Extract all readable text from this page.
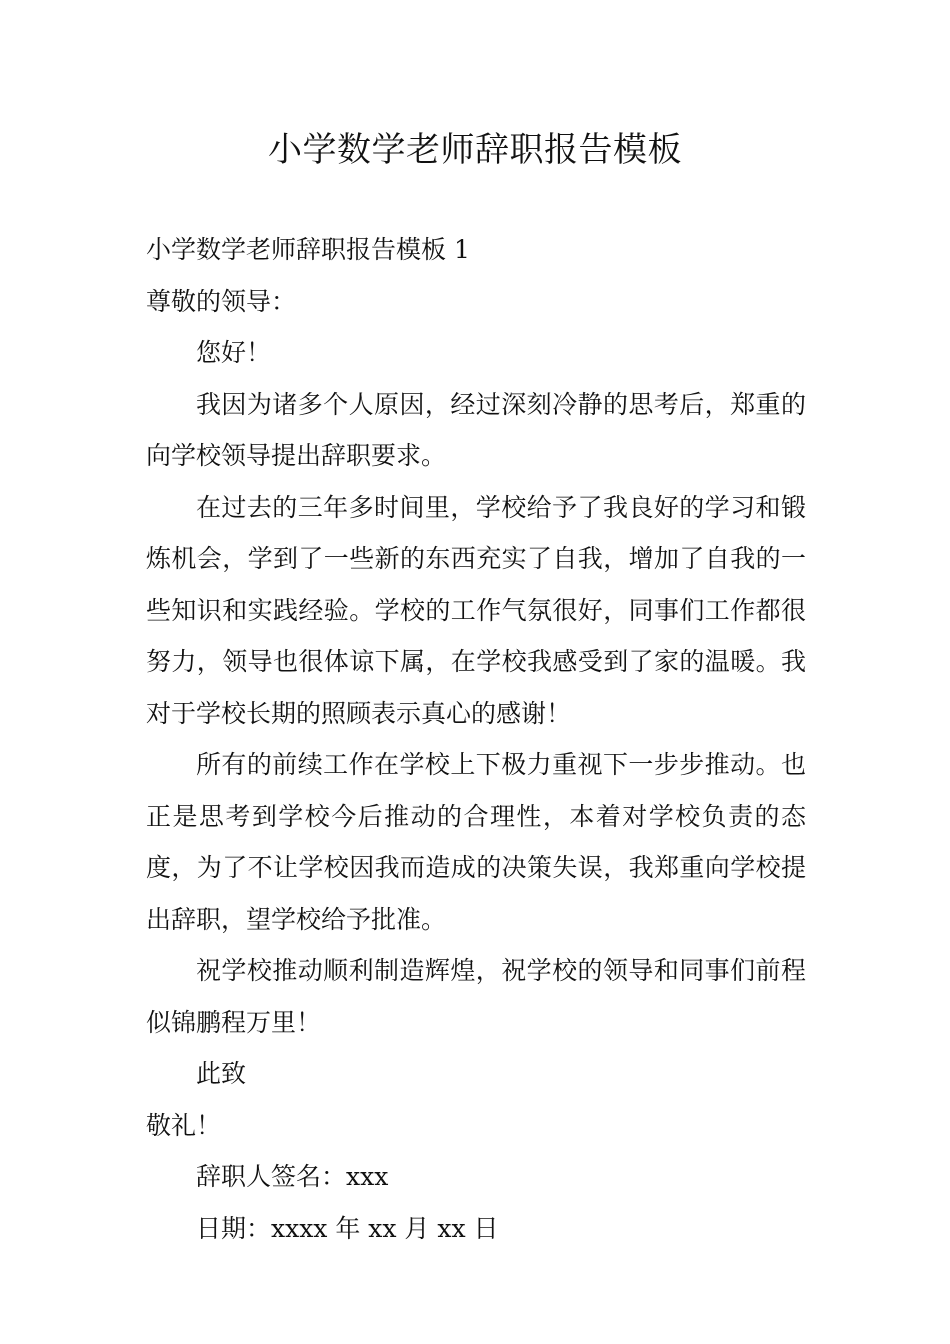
小学数学老师辞职报告模板

小学数学老师辞职报告模板 1

尊敬的领导：

您好！

我因为诸多个人原因，经过深刻冷静的思考后，郑重的向学校领导提出辞职要求。

在过去的三年多时间里，学校给予了我良好的学习和锻炼机会，学到了一些新的东西充实了自我，增加了自我的一些知识和实践经验。学校的工作气氛很好，同事们工作都很努力，领导也很体谅下属，在学校我感受到了家的温暖。我对于学校长期的照顾表示真心的感谢！

所有的前续工作在学校上下极力重视下一步步推动。也正是思考到学校今后推动的合理性，本着对学校负责的态度，为了不让学校因我而造成的决策失误，我郑重向学校提出辞职，望学校给予批准。

祝学校推动顺利制造辉煌，祝学校的领导和同事们前程似锦鹏程万里！

此致

敬礼！

辞职人签名：xxx

日期：xxxx 年 xx 月 xx 日
